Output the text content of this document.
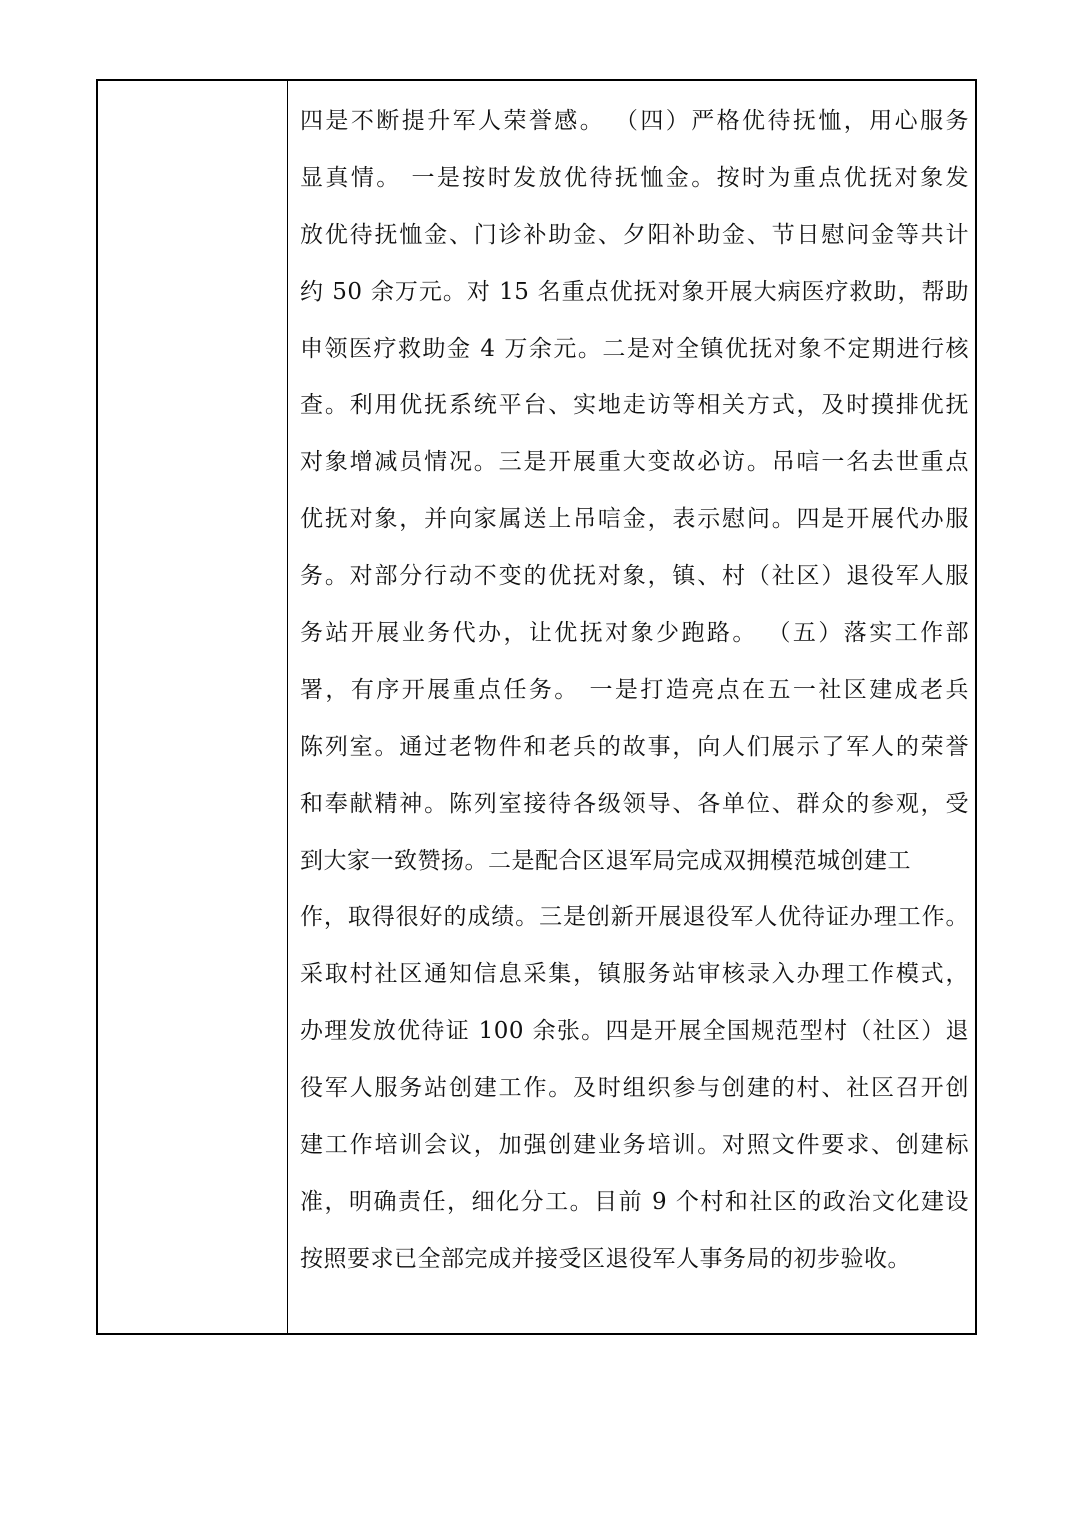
四是不断提升军人荣誉感。 （四）严格优待抚恤，用心服务
显真情。 一是按时发放优待抚恤金。按时为重点优抚对象发
放优待抚恤金、门诊补助金、夕阳补助金、节日慰问金等共计
约 50 余万元。对 15 名重点优抚对象开展大病医疗救助，帮助
申领医疗救助金 4 万余元。二是对全镇优抚对象不定期进行核
查。利用优抚系统平台、实地走访等相关方式，及时摸排优抚
对象增减员情况。三是开展重大变故必访。吊唁一名去世重点
优抚对象，并向家属送上吊唁金，表示慰问。四是开展代办服
务。对部分行动不变的优抚对象，镇、村（社区）退役军人服
务站开展业务代办，让优抚对象少跑路。 （五）落实工作部
署，有序开展重点任务。 一是打造亮点在五一社区建成老兵
陈列室。通过老物件和老兵的故事，向人们展示了军人的荣誉
和奉献精神。陈列室接待各级领导、各单位、群众的参观，受
到大家一致赞扬。二是配合区退军局完成双拥模范城创建工
作，取得很好的成绩。三是创新开展退役军人优待证办理工作。
采取村社区通知信息采集，镇服务站审核录入办理工作模式，
办理发放优待证 100 余张。四是开展全国规范型村（社区）退
役军人服务站创建工作。及时组织参与创建的村、社区召开创
建工作培训会议，加强创建业务培训。对照文件要求、创建标
准，明确责任，细化分工。目前 9 个村和社区的政治文化建设
按照要求已全部完成并接受区退役军人事务局的初步验收。
